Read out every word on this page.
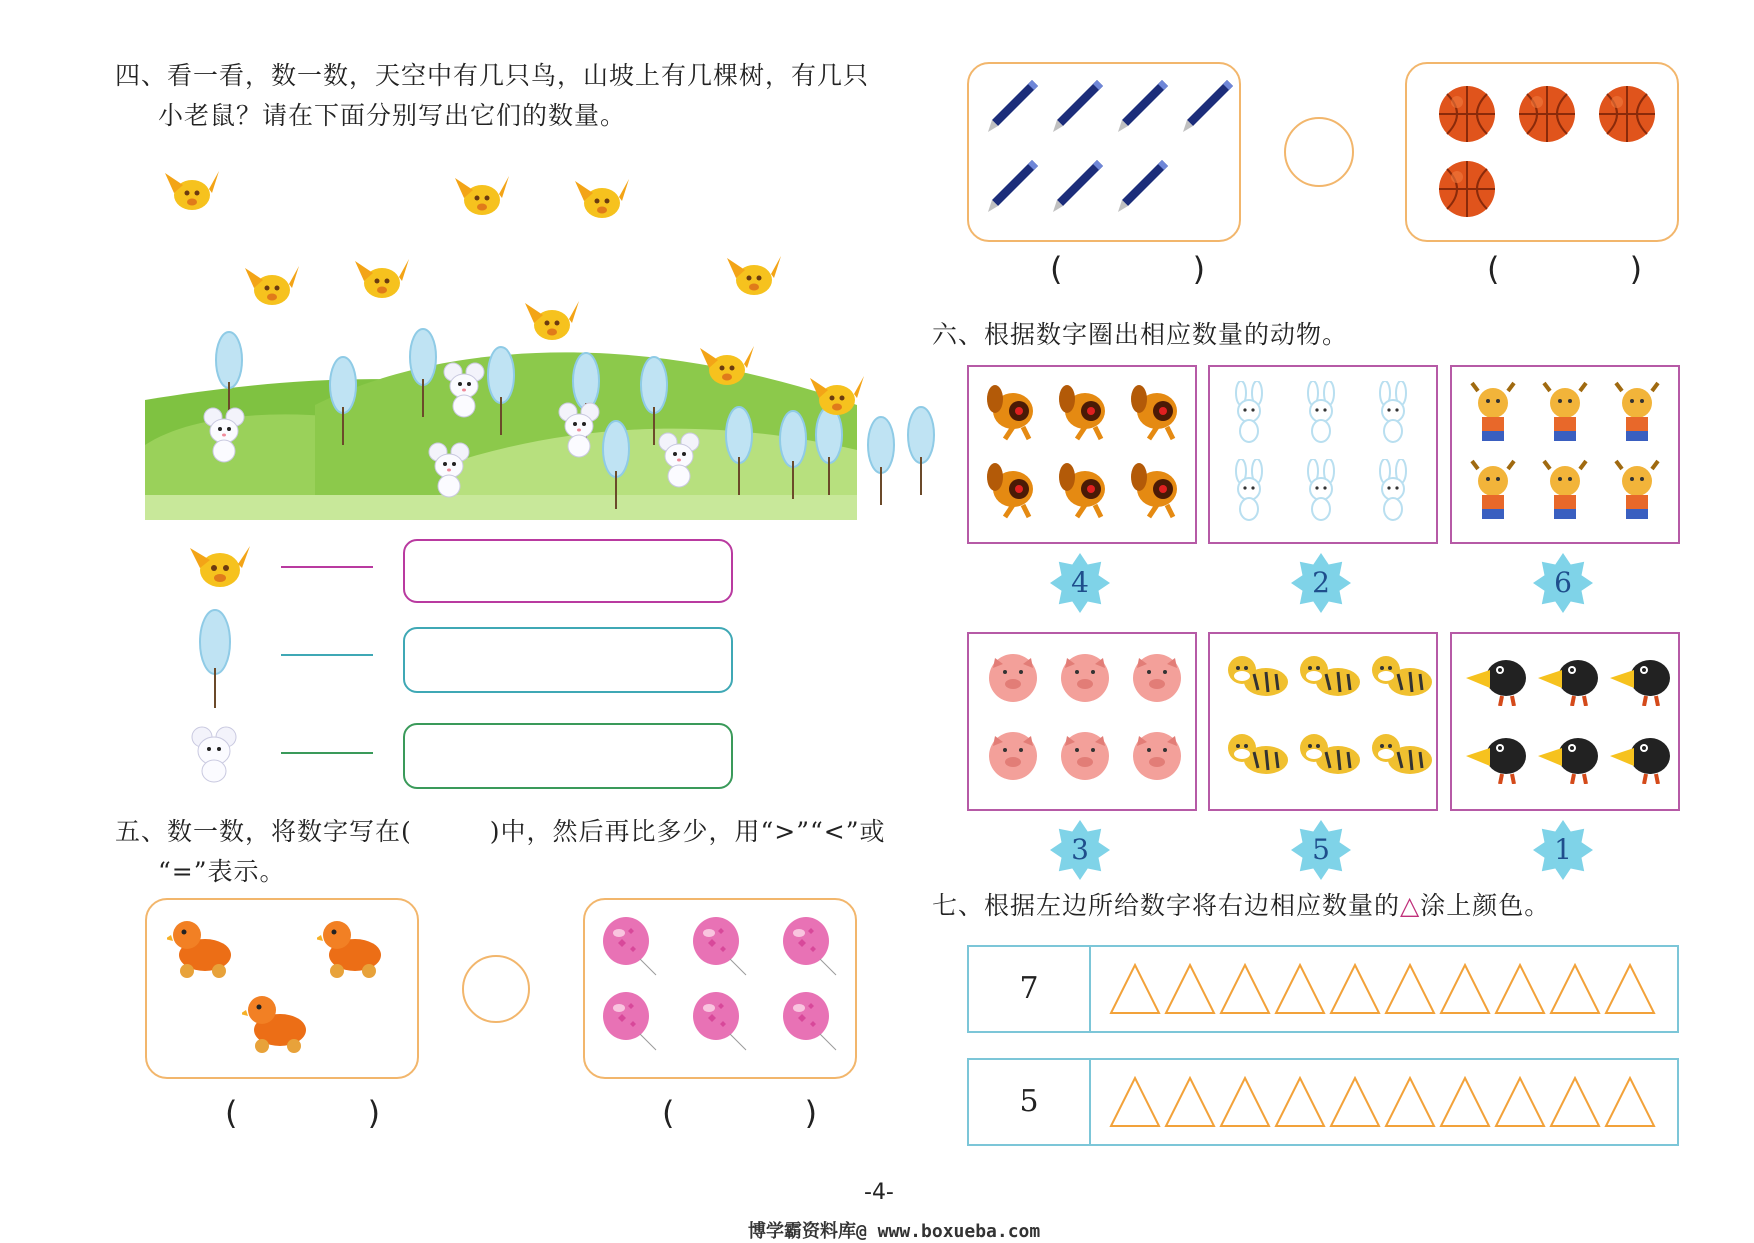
四、看一看，数一数，天空中有几只鸟，山坡上有几棵树，有几只
小老鼠？请在下面分别写出它们的数量。
五、数一数，将数字写在(　　　)中，然后再比多少，用“>”“<”或
“=”表示。
( )	( )
( )	( )
六、根据数字圈出相应数量的动物。
4	2	6
3	5	1
七、根据左边所给数字将右边相应数量的△涂上颜色。
7
5
-4-
博学霸资料库@ www.boxueba.com
